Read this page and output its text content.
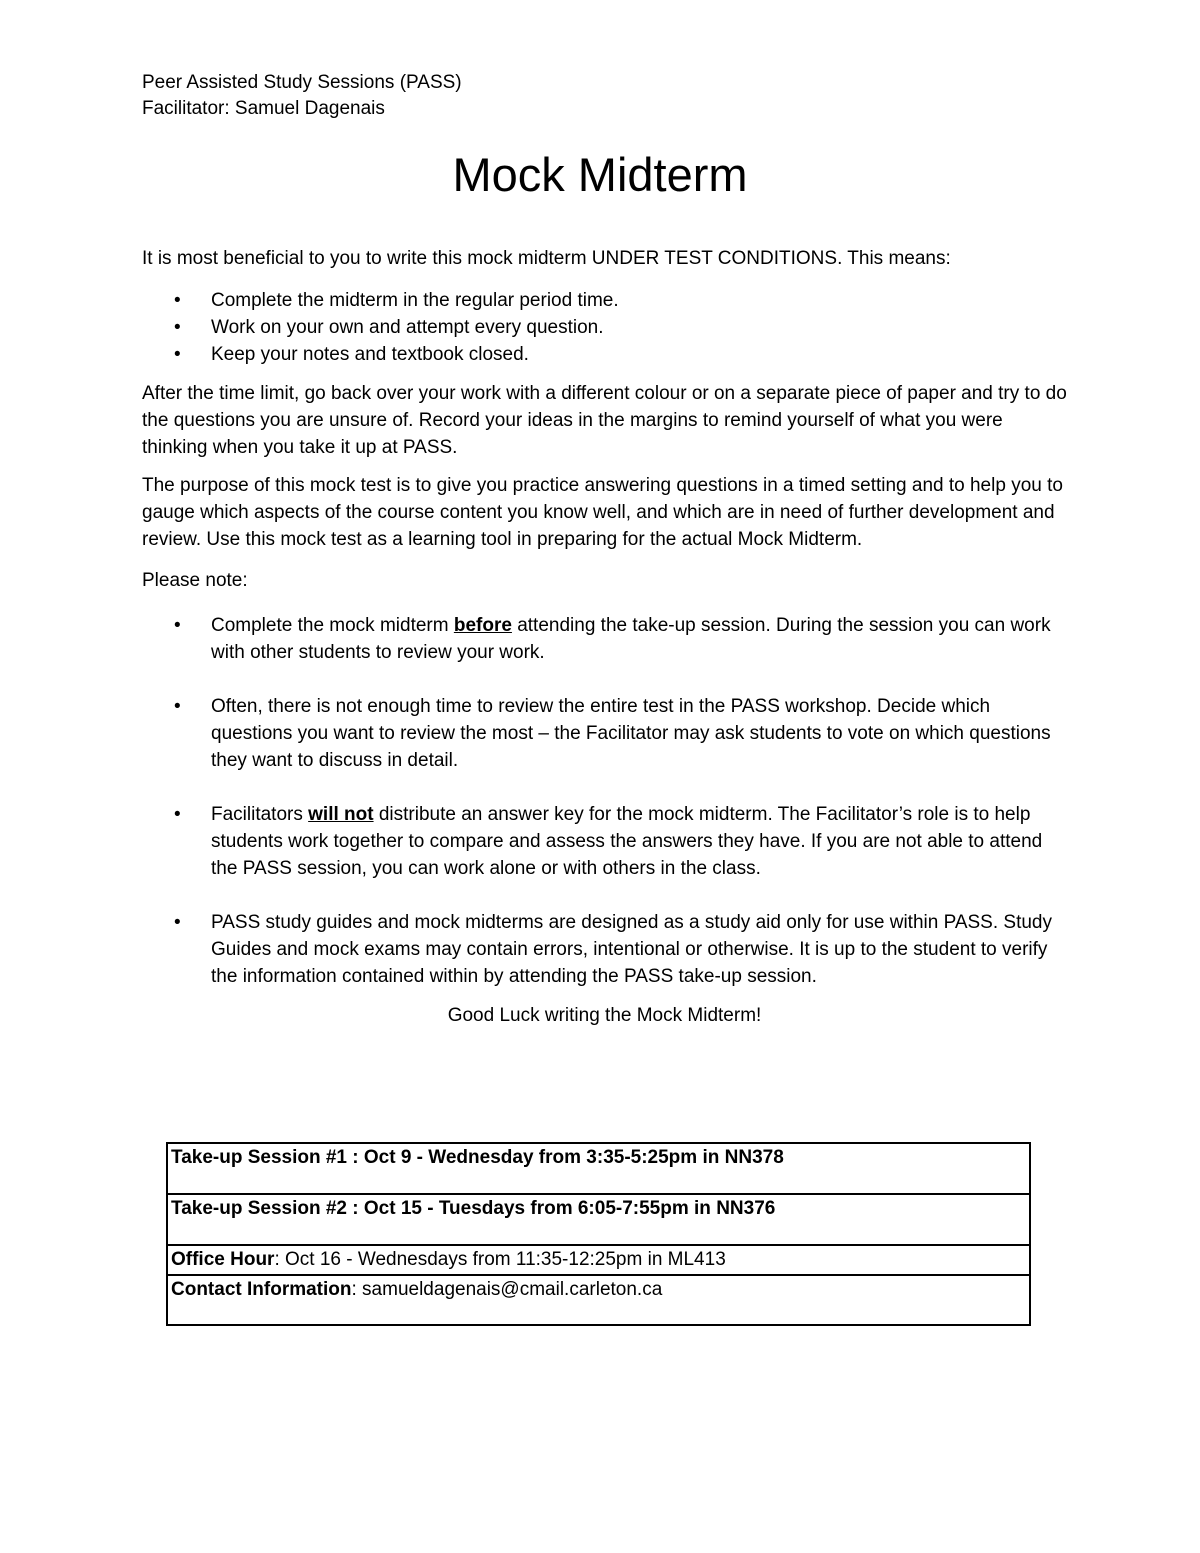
Peer Assisted Study Sessions (PASS)
Facilitator: Samuel Dagenais
Mock Midterm

It is most beneficial to you to write this mock midterm UNDER TEST CONDITIONS. This means:

• Complete the midterm in the regular period time.
• Work on your own and attempt every question.
• Keep your notes and textbook closed.

After the time limit, go back over your work with a different colour or on a separate piece of paper and try to do the questions you are unsure of. Record your ideas in the margins to remind yourself of what you were thinking when you take it up at PASS.

The purpose of this mock test is to give you practice answering questions in a timed setting and to help you to gauge which aspects of the course content you know well, and which are in need of further development and review. Use this mock test as a learning tool in preparing for the actual Mock Midterm.

Please note:

• Complete the mock midterm before attending the take-up session. During the session you can work with other students to review your work.
• Often, there is not enough time to review the entire test in the PASS workshop. Decide which questions you want to review the most – the Facilitator may ask students to vote on which questions they want to discuss in detail.
• Facilitators will not distribute an answer key for the mock midterm. The Facilitator’s role is to help students work together to compare and assess the answers they have. If you are not able to attend the PASS session, you can work alone or with others in the class.
• PASS study guides and mock midterms are designed as a study aid only for use within PASS. Study Guides and mock exams may contain errors, intentional or otherwise. It is up to the student to verify the information contained within by attending the PASS take-up session.

Good Luck writing the Mock Midterm!

Take-up Session #1 : Oct 9 - Wednesday from 3:35-5:25pm in NN378
Take-up Session #2 : Oct 15 - Tuesdays from 6:05-7:55pm in NN376
Office Hour: Oct 16 - Wednesdays from 11:35-12:25pm in ML413
Contact Information: samueldagenais@cmail.carleton.ca
